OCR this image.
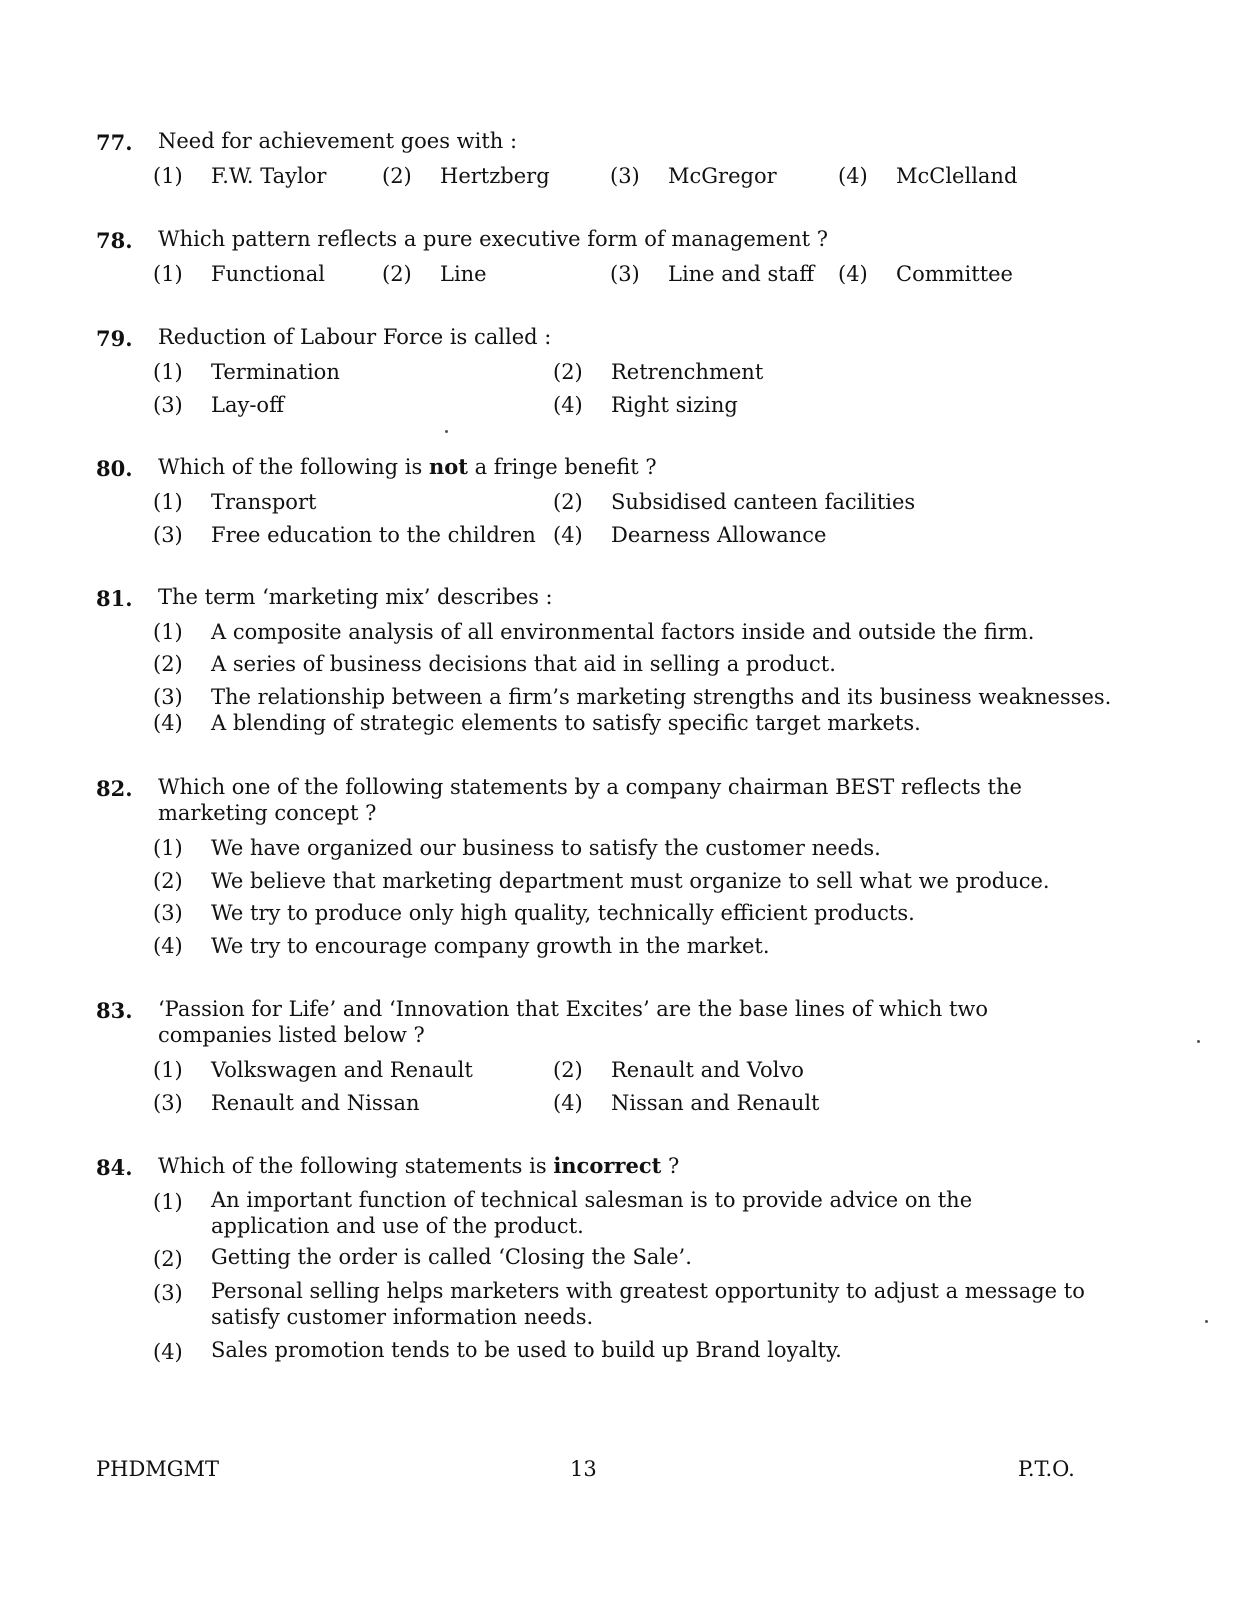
77. Need for achievement goes with :
(1) F.W. Taylor	(2) Hertzberg	(3) McGregor	(4) McClelland
78. Which pattern reflects a pure executive form of management ?
(1) Functional	(2) Line	(3) Line and staff (4) Committee
79. Reduction of Labour Force is called :
(1) Termination	(2) Retrenchment
(3) Lay-off	(4) Right sizing
80. Which of the following is not a fringe benefit ?
(1) Transport	(2) Subsidised canteen facilities
(3) Free education to the children (4) Dearness Allowance
81. The term ‘marketing mix’ describes :
(1) A composite analysis of all environmental factors inside and outside the firm.
(2) A series of business decisions that aid in selling a product.
(3) The relationship between a firm’s marketing strengths and its business weaknesses.
(4) A blending of strategic elements to satisfy specific target markets.
82. Which one of the following statements by a company chairman BEST reflects the marketing concept ?
(1) We have organized our business to satisfy the customer needs.
(2) We believe that marketing department must organize to sell what we produce.
(3) We try to produce only high quality, technically efficient products.
(4) We try to encourage company growth in the market.
83. ‘Passion for Life’ and ‘Innovation that Excites’ are the base lines of which two companies listed below ?
(1) Volkswagen and Renault	(2) Renault and Volvo
(3) Renault and Nissan	(4) Nissan and Renault
84. Which of the following statements is incorrect ?
(1) An important function of technical salesman is to provide advice on the application and use of the product.
(2) Getting the order is called ‘Closing the Sale’.
(3) Personal selling helps marketers with greatest opportunity to adjust a message to satisfy customer information needs.
(4) Sales promotion tends to be used to build up Brand loyalty.
PHDMGMT	13	P.T.O.
